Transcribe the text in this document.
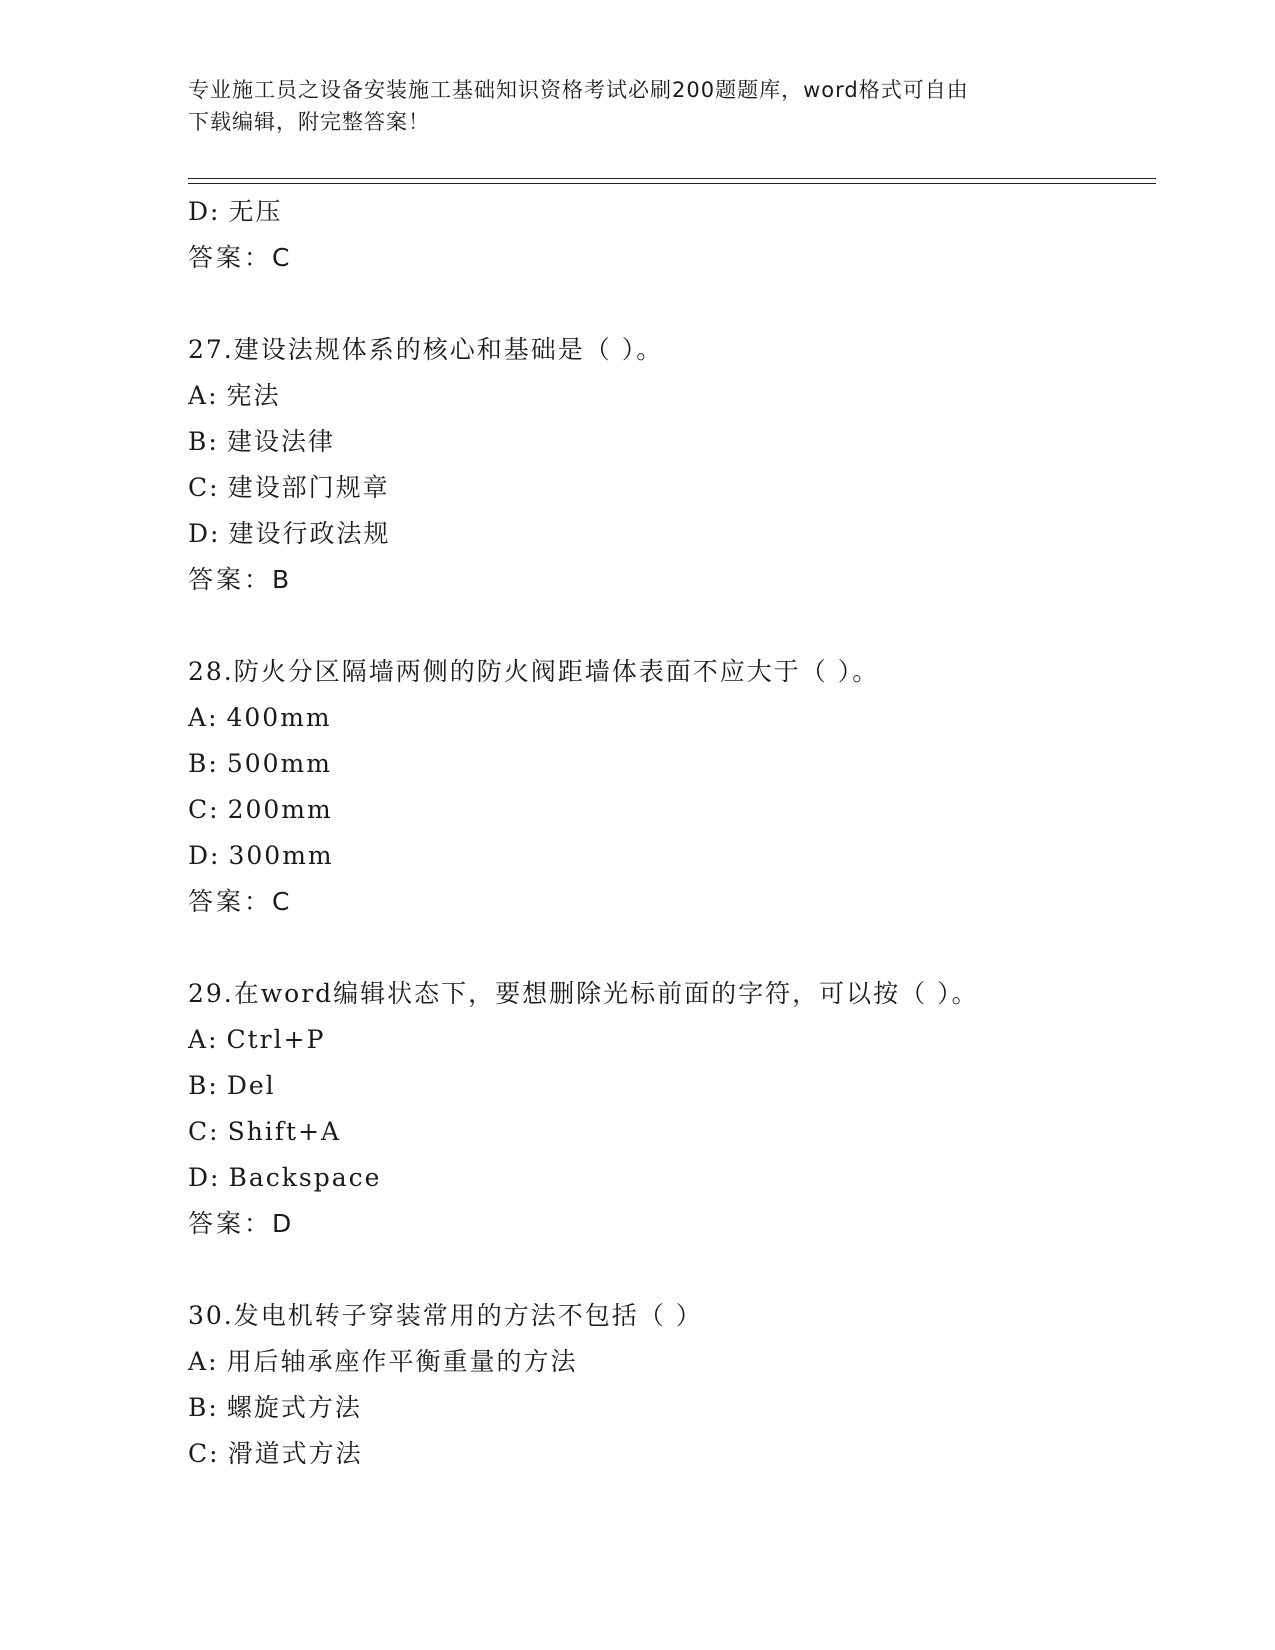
专业施工员之设备安装施工基础知识资格考试必刷200题题库，word格式可自由
下载编辑，附完整答案！
D: 无压
答案：C
27.建设法规体系的核心和基础是（ ）。
A: 宪法
B: 建设法律
C: 建设部门规章
D: 建设行政法规
答案：B
28.防火分区隔墙两侧的防火阀距墙体表面不应大于（ ）。
A: 400mm
B: 500mm
C: 200mm
D: 300mm
答案：C
29.在word编辑状态下，要想删除光标前面的字符，可以按（ ）。
A: Ctrl+P
B: Del
C: Shift+A
D: Backspace
答案：D
30.发电机转子穿装常用的方法不包括（ ）
A: 用后轴承座作平衡重量的方法
B: 螺旋式方法
C: 滑道式方法
